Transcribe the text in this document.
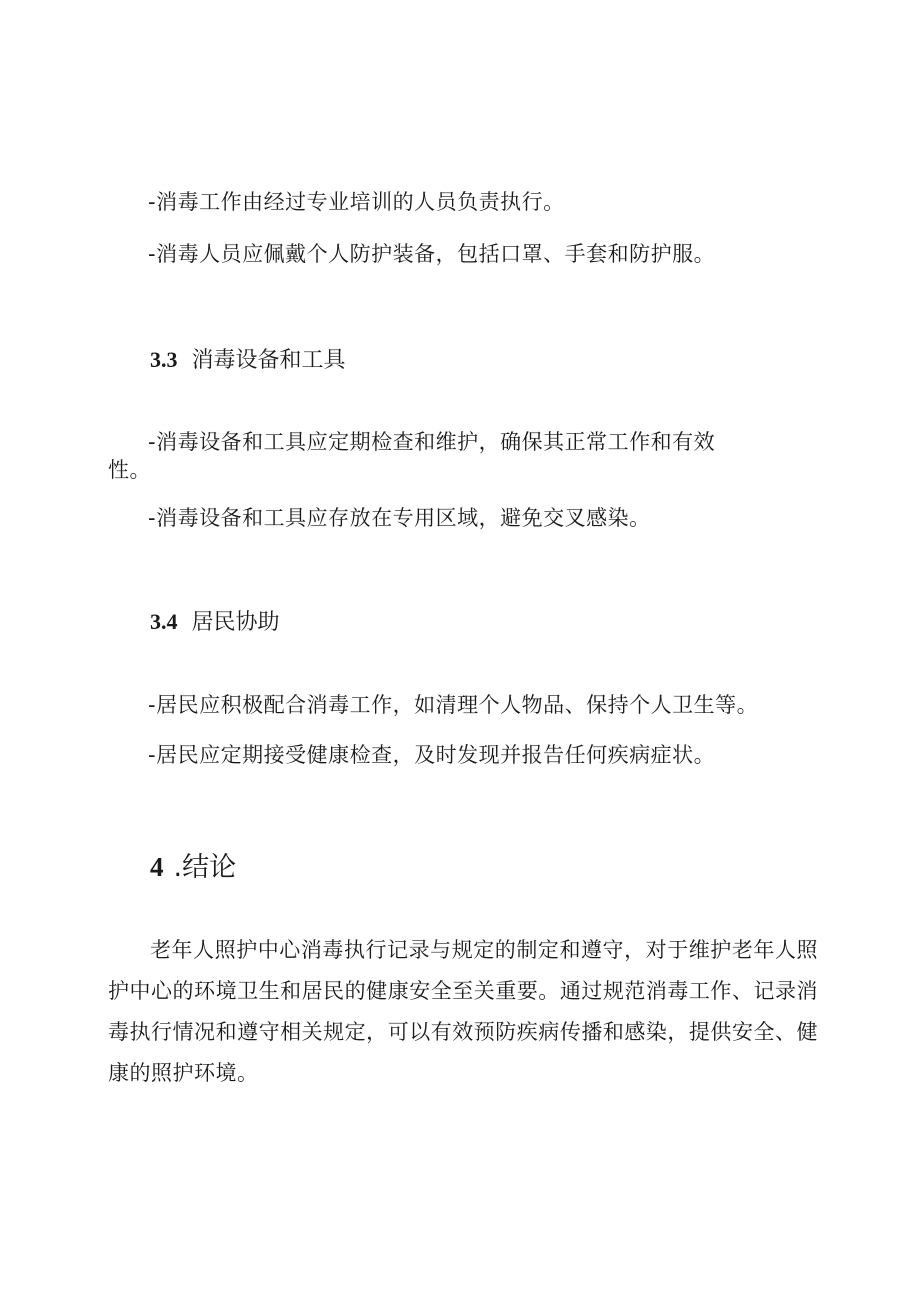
-消毒工作由经过专业培训的人员负责执行。
-消毒人员应佩戴个人防护装备，包括口罩、手套和防护服。
3.3 消毒设备和工具
-消毒设备和工具应定期检查和维护，确保其正常工作和有效
性。
-消毒设备和工具应存放在专用区域，避免交叉感染。
3.4 居民协助
-居民应积极配合消毒工作，如清理个人物品、保持个人卫生等。
-居民应定期接受健康检查，及时发现并报告任何疾病症状。
4 .结论
老年人照护中心消毒执行记录与规定的制定和遵守，对于维护老年人照护中心的环境卫生和居民的健康安全至关重要。通过规范消毒工作、记录消毒执行情况和遵守相关规定，可以有效预防疾病传播和感染，提供安全、健康的照护环境。
